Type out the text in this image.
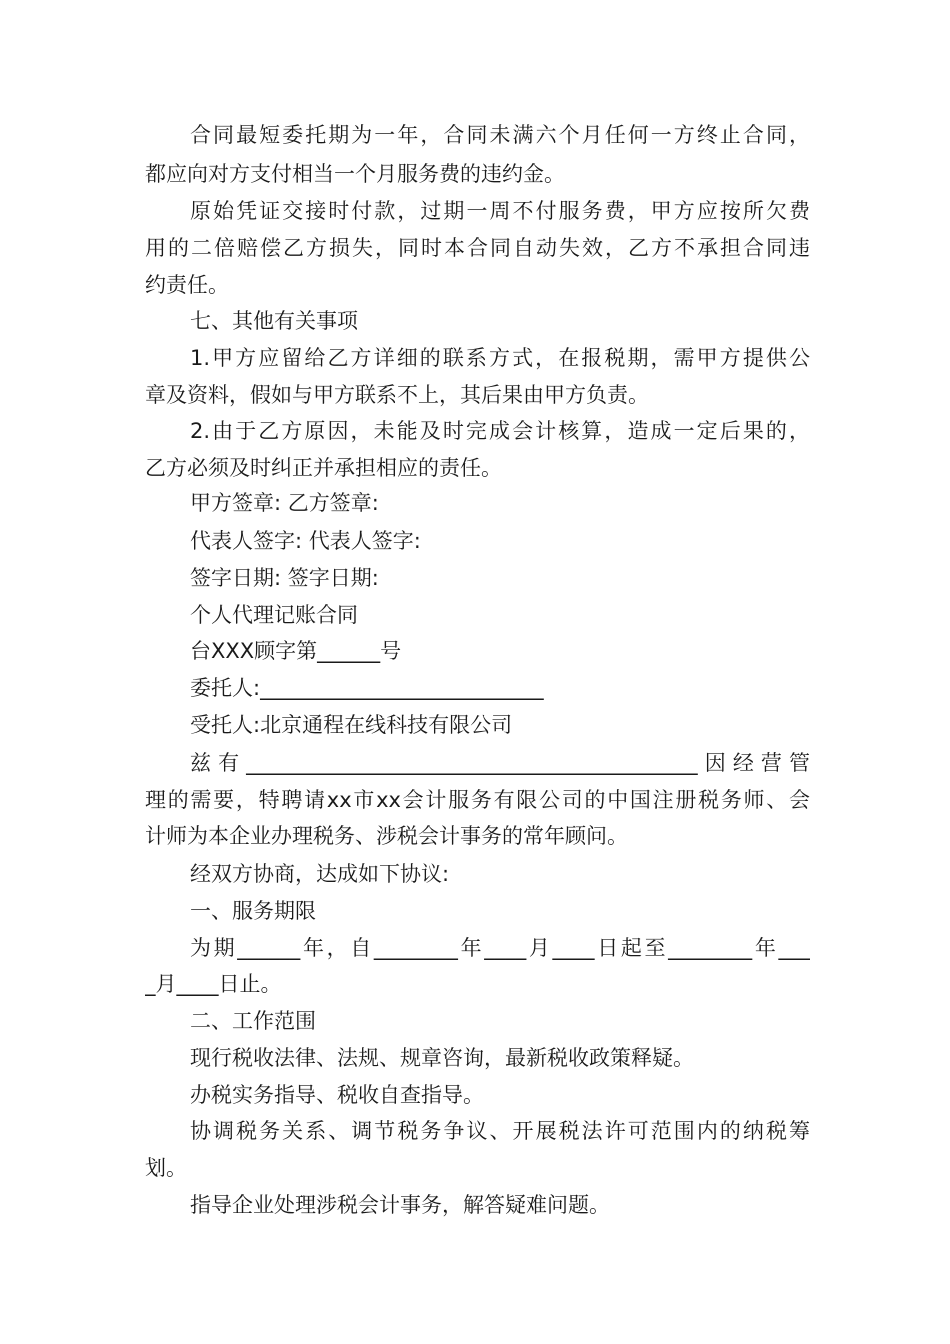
合同最短委托期为一年，合同未满六个月任何一方终止合同，
都应向对方支付相当一个月服务费的违约金。
原始凭证交接时付款，过期一周不付服务费，甲方应按所欠费
用的二倍赔偿乙方损失，同时本合同自动失效，乙方不承担合同违
约责任。
七、其他有关事项
1.甲方应留给乙方详细的联系方式，在报税期，需甲方提供公
章及资料，假如与甲方联系不上，其后果由甲方负责。
2.由于乙方原因，未能及时完成会计核算，造成一定后果的，
乙方必须及时纠正并承担相应的责任。
甲方签章: 乙方签章:
代表人签字: 代表人签字:
签字日期: 签字日期:
个人代理记账合同
台XXX顾字第______号
委托人:___________________________
受托人:北京通程在线科技有限公司
兹有___________________________________________因经营管
理的需要，特聘请xx市xx会计服务有限公司的中国注册税务师、会
计师为本企业办理税务、涉税会计事务的常年顾问。
经双方协商，达成如下协议:
一、服务期限
为期______年，自________年____月____日起至________年___
_月____日止。
二、工作范围
现行税收法律、法规、规章咨询，最新税收政策释疑。
办税实务指导、税收自查指导。
协调税务关系、调节税务争议、开展税法许可范围内的纳税筹
划。
指导企业处理涉税会计事务，解答疑难问题。
